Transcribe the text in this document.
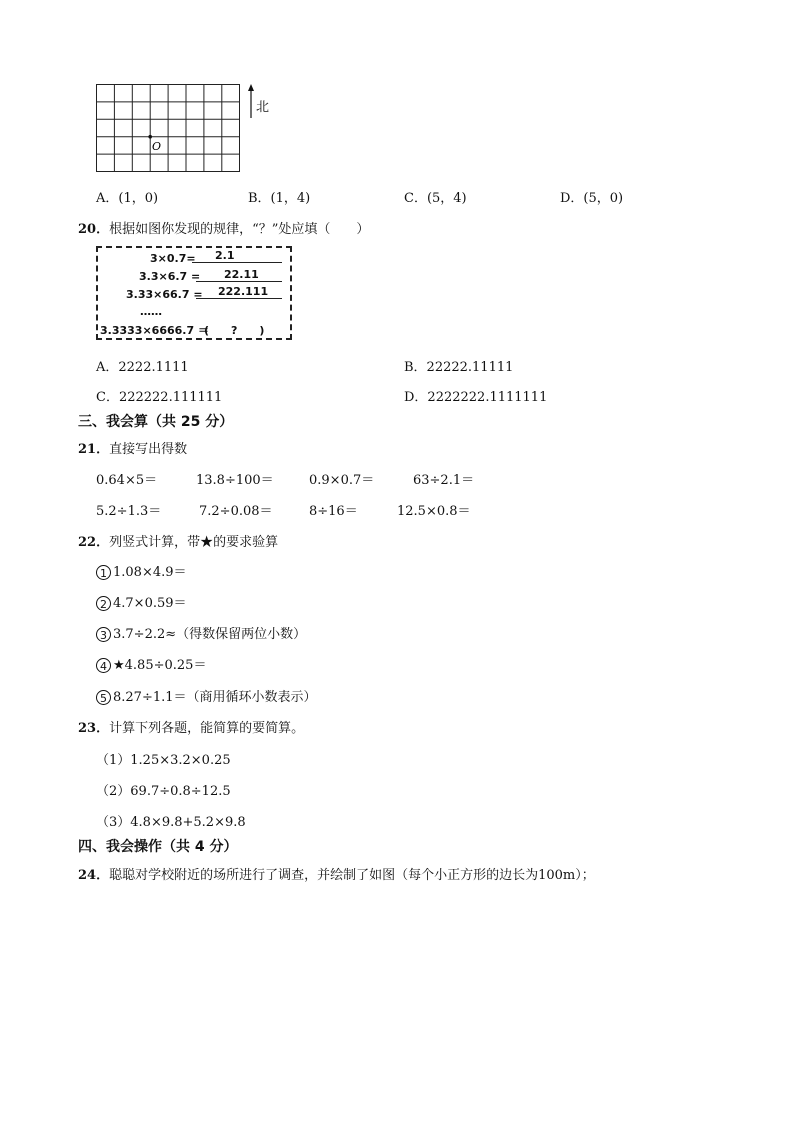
O
北
A．(1，0)	B．(1，4)	C．(5，4)	D．(5，0)
20．根据如图你发现的规律，“？”处应填（　　）
3×0.7= 2.1
3.3×6.7 = 22.11
3.33×66.7 = 222.111
……
3.3333×6666.7 ＝
(　　?　　)
A．2222.1111	B．22222.11111
C．222222.111111	D．2222222.1111111
三、我会算（共 25 分）
21．直接写出得数
0.64×5＝	13.8÷100＝	0.9×0.7＝	63÷2.1＝
5.2÷1.3＝	7.2÷0.08＝	8÷16＝	12.5×0.8＝
22．列竖式计算，带★的要求验算
1 1.08×4.9＝
2 4.7×0.59＝
3 3.7÷2.2≈（得数保留两位小数）
4 ★4.85÷0.25＝
5 8.27÷1.1＝（商用循环小数表示）
23．计算下列各题，能简算的要简算。
（1）1.25×3.2×0.25
（2）69.7÷0.8÷12.5
（3）4.8×9.8+5.2×9.8
四、我会操作（共 4 分）
24．聪聪对学校附近的场所进行了调查，并绘制了如图（每个小正方形的边长为100m）；
